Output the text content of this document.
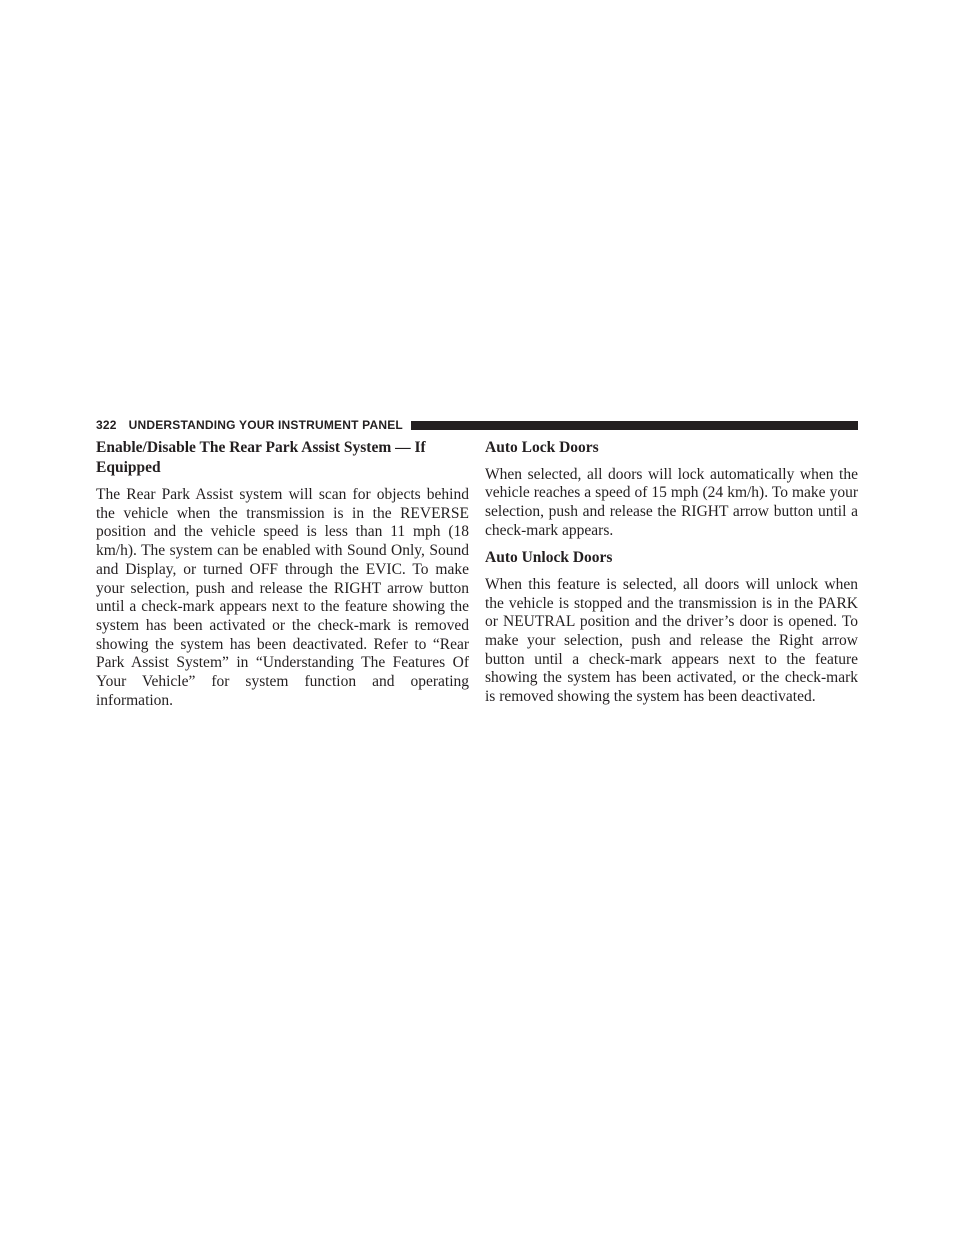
322 UNDERSTANDING YOUR INSTRUMENT PANEL
Enable/Disable The Rear Park Assist System — If Equipped

The Rear Park Assist system will scan for objects behind the vehicle when the transmission is in the REVERSE position and the vehicle speed is less than 11 mph (18 km/h). The system can be enabled with Sound Only, Sound and Display, or turned OFF through the EVIC. To make your selection, push and release the RIGHT arrow button until a check-mark appears next to the feature showing the system has been activated or the check-mark is removed showing the system has been deactivated. Refer to “Rear Park Assist System” in “Understanding The Features Of Your Vehicle” for system function and operating information.

Auto Lock Doors

When selected, all doors will lock automatically when the vehicle reaches a speed of 15 mph (24 km/h). To make your selection, push and release the RIGHT arrow button until a check-mark appears.

Auto Unlock Doors

When this feature is selected, all doors will unlock when the vehicle is stopped and the transmission is in the PARK or NEUTRAL position and the driver’s door is opened. To make your selection, push and release the Right arrow button until a check-mark appears next to the feature showing the system has been activated, or the check-mark is removed showing the system has been deactivated.
